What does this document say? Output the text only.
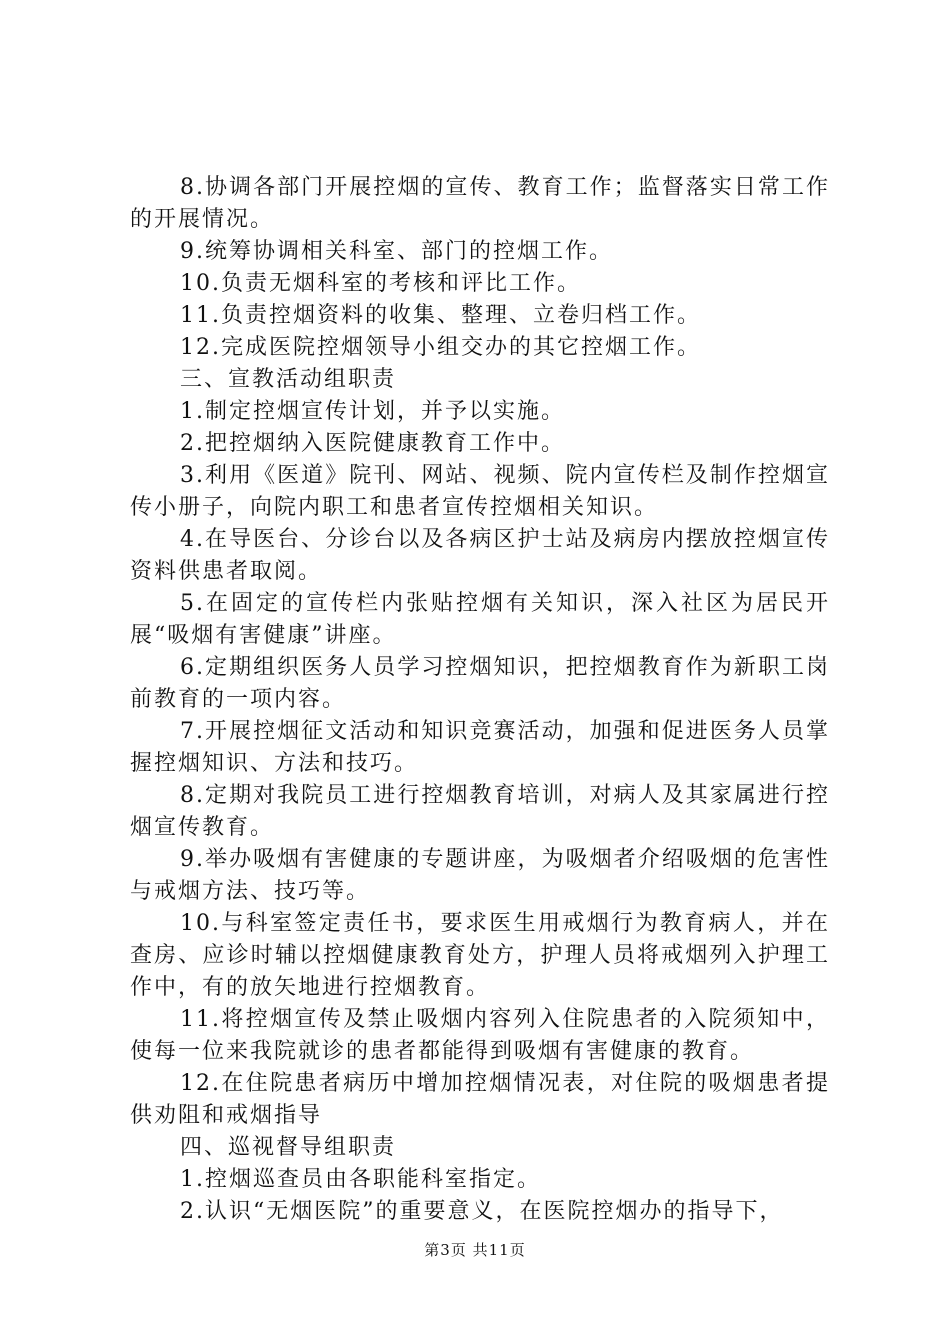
8.协调各部门开展控烟的宣传、教育工作；监督落实日常工作的开展情况。

9.统筹协调相关科室、部门的控烟工作。

10.负责无烟科室的考核和评比工作。

11.负责控烟资料的收集、整理、立卷归档工作。

12.完成医院控烟领导小组交办的其它控烟工作。

三、宣教活动组职责

1.制定控烟宣传计划，并予以实施。

2.把控烟纳入医院健康教育工作中。

3.利用《医道》院刊、网站、视频、院内宣传栏及制作控烟宣传小册子，向院内职工和患者宣传控烟相关知识。

4.在导医台、分诊台以及各病区护士站及病房内摆放控烟宣传资料供患者取阅。

5.在固定的宣传栏内张贴控烟有关知识，深入社区为居民开展“吸烟有害健康”讲座。

6.定期组织医务人员学习控烟知识，把控烟教育作为新职工岗前教育的一项内容。

7.开展控烟征文活动和知识竞赛活动，加强和促进医务人员掌握控烟知识、方法和技巧。

8.定期对我院员工进行控烟教育培训，对病人及其家属进行控烟宣传教育。

9.举办吸烟有害健康的专题讲座，为吸烟者介绍吸烟的危害性与戒烟方法、技巧等。

10.与科室签定责任书，要求医生用戒烟行为教育病人，并在查房、应诊时辅以控烟健康教育处方，护理人员将戒烟列入护理工作中，有的放矢地进行控烟教育。

11.将控烟宣传及禁止吸烟内容列入住院患者的入院须知中，使每一位来我院就诊的患者都能得到吸烟有害健康的教育。

12.在住院患者病历中增加控烟情况表，对住院的吸烟患者提供劝阻和戒烟指导

四、巡视督导组职责

1.控烟巡查员由各职能科室指定。

2.认识“无烟医院”的重要意义，在医院控烟办的指导下，

第3页 共11页
